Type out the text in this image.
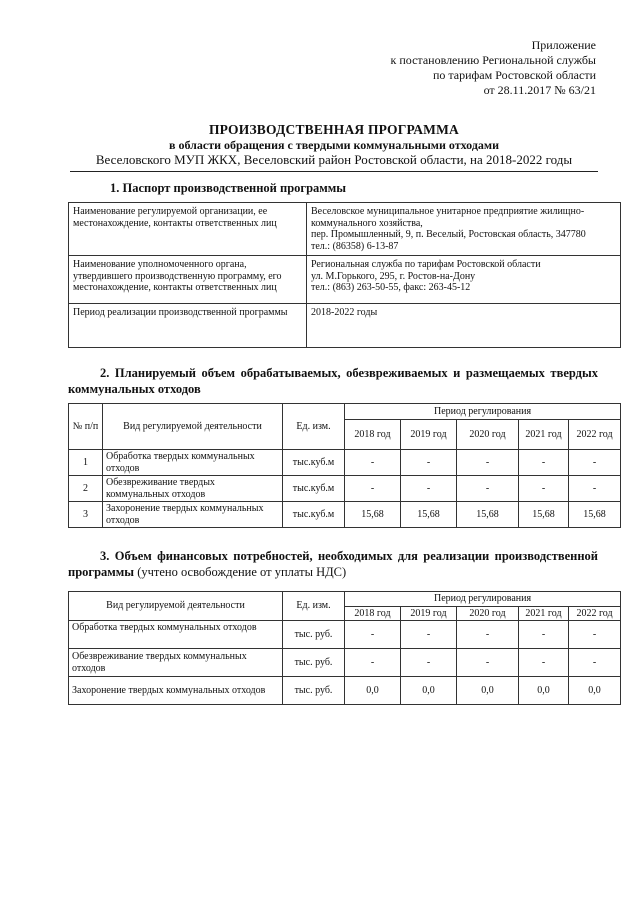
Приложение
к постановлению Региональной службы
по тарифам Ростовской области
от 28.11.2017 № 63/21
ПРОИЗВОДСТВЕННАЯ ПРОГРАММА
в области обращения с твердыми коммунальными отходами
Веселовского МУП ЖКХ, Веселовский район Ростовской области, на 2018-2022 годы
1. Паспорт производственной программы
Наименование регулируемой организации, ее местонахождение, контакты ответственных лиц	Веселовское муниципальное унитарное предприятие жилищно-коммунального хозяйства,
пер. Промышленный, 9, п. Веселый, Ростовская область, 347780
тел.: (86358) 6-13-87

Наименование уполномоченного органа, утвердившего производственную программу, его местонахождение, контакты ответственных лиц	Региональная служба по тарифам Ростовской области
ул. М.Горького, 295, г. Ростов-на-Дону
тел.: (863) 263-50-55, факс: 263-45-12

Период реализации производственной программы	2018-2022 годы
2. Планируемый объем обрабатываемых, обезвреживаемых и размещаемых твердых коммунальных отходов
№ п/п	Вид регулируемой деятельности	Ед. изм.	Период регулирования				
			2018 год	2019 год	2020 год	2021 год	2022 год
1	Обработка твердых коммунальных отходов	тыс.куб.м	-	-	-	-	-
2	Обезвреживание твердых коммунальных отходов	тыс.куб.м	-	-	-	-	-
3	Захоронение твердых коммунальных отходов	тыс.куб.м	15,68	15,68	15,68	15,68	15,68
3. Объем финансовых потребностей, необходимых для реализации производственной программы (учтено освобождение от уплаты НДС)
Вид регулируемой деятельности	Ед. изм.	Период регулирования				
		2018 год	2019 год	2020 год	2021 год	2022 год
Обработка твердых коммунальных отходов	тыс. руб.	-	-	-	-	-
Обезвреживание твердых коммунальных отходов	тыс. руб.	-	-	-	-	-
Захоронение твердых коммунальных отходов	тыс. руб.	0,0	0,0	0,0	0,0	0,0
